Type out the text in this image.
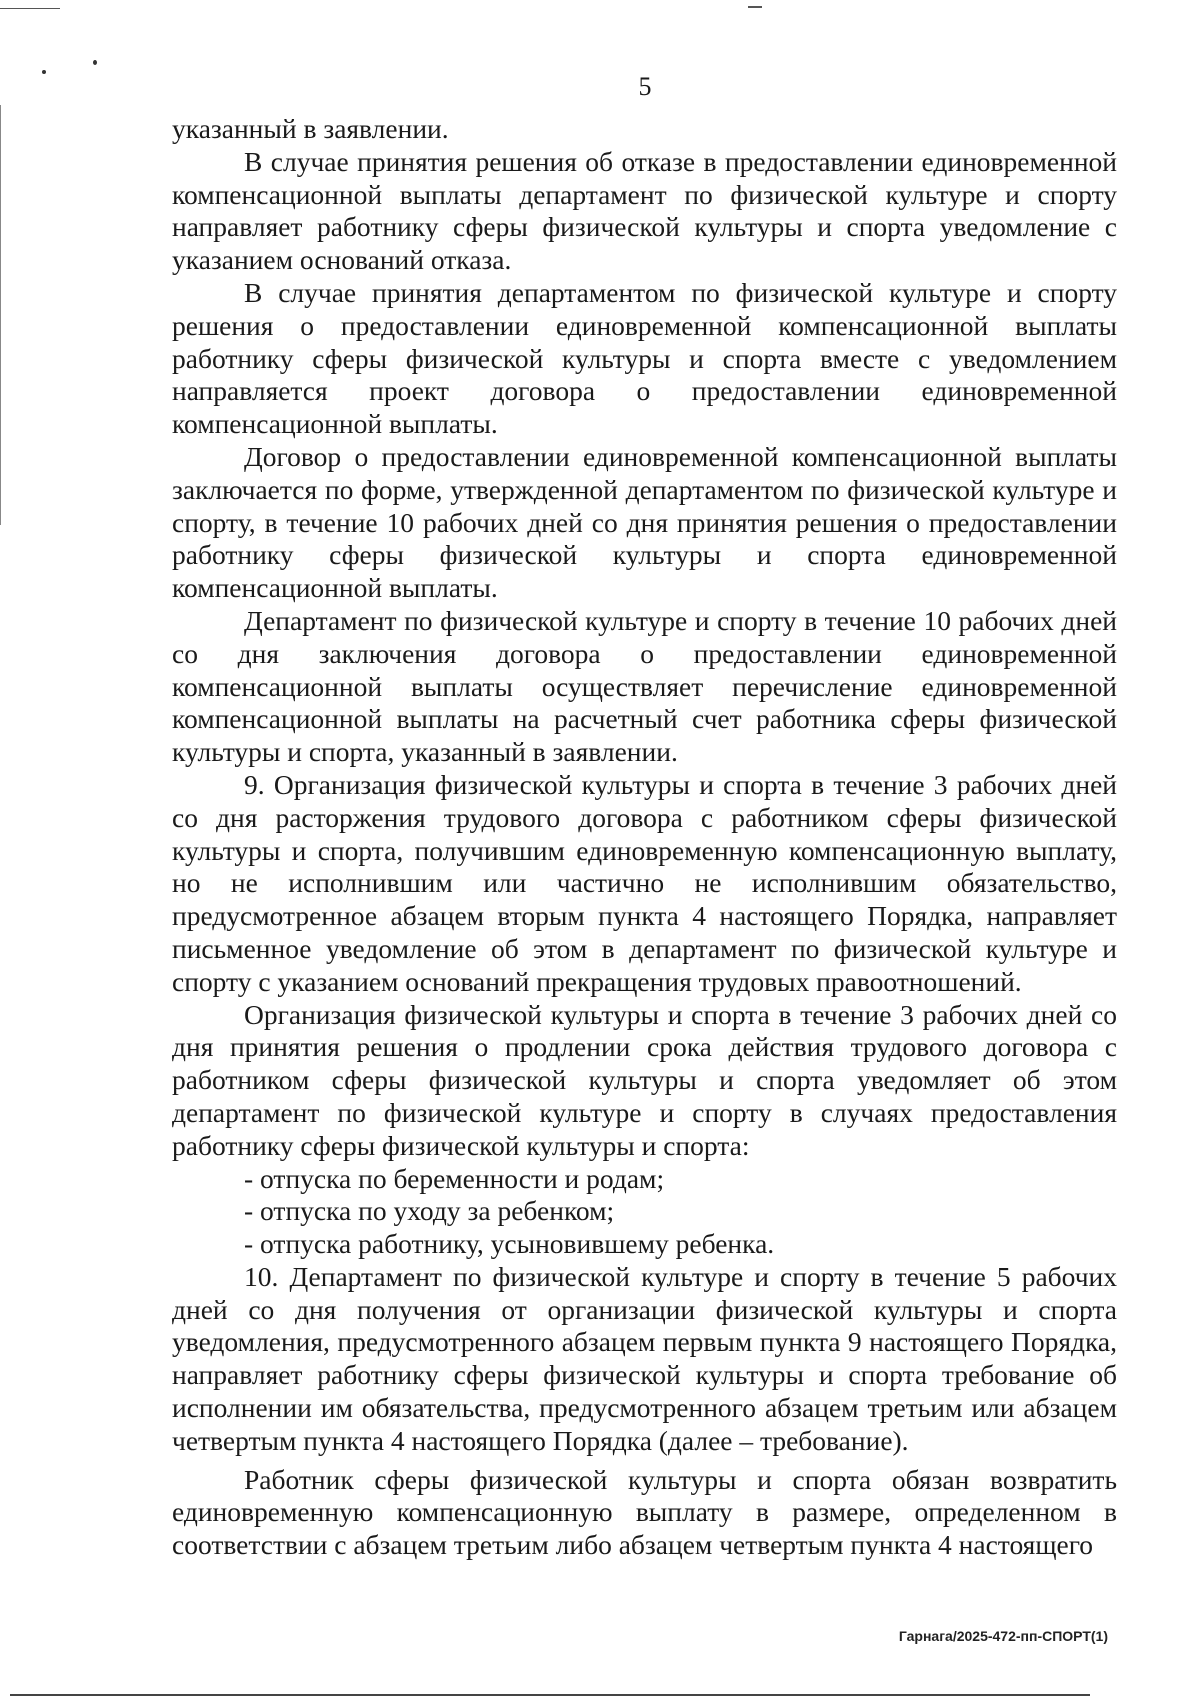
5

указанный в заявлении.

В случае принятия решения об отказе в предоставлении единовременной компенсационной выплаты департамент по физической культуре и спорту направляет работнику сферы физической культуры и спорта уведомление с указанием оснований отказа.

В случае принятия департаментом по физической культуре и спорту решения о предоставлении единовременной компенсационной выплаты работнику сферы физической культуры и спорта вместе с уведомлением направляется проект договора о предоставлении единовременной компенсационной выплаты.

Договор о предоставлении единовременной компенсационной выплаты заключается по форме, утвержденной департаментом по физической культуре и спорту, в течение 10 рабочих дней со дня принятия решения о предоставлении работнику сферы физической культуры и спорта единовременной компенсационной выплаты.

Департамент по физической культуре и спорту в течение 10 рабочих дней со дня заключения договора о предоставлении единовременной компенсационной выплаты осуществляет перечисление единовременной компенсационной выплаты на расчетный счет работника сферы физической культуры и спорта, указанный в заявлении.

9. Организация физической культуры и спорта в течение 3 рабочих дней со дня расторжения трудового договора с работником сферы физической культуры и спорта, получившим единовременную компенсационную выплату, но не исполнившим или частично не исполнившим обязательство, предусмотренное абзацем вторым пункта 4 настоящего Порядка, направляет письменное уведомление об этом в департамент по физической культуре и спорту с указанием оснований прекращения трудовых правоотношений.

Организация физической культуры и спорта в течение 3 рабочих дней со дня принятия решения о продлении срока действия трудового договора с работником сферы физической культуры и спорта уведомляет об этом департамент по физической культуре и спорту в случаях предоставления работнику сферы физической культуры и спорта:

- отпуска по беременности и родам;

- отпуска по уходу за ребенком;

- отпуска работнику, усыновившему ребенка.

10. Департамент по физической культуре и спорту в течение 5 рабочих дней со дня получения от организации физической культуры и спорта уведомления, предусмотренного абзацем первым пункта 9 настоящего Порядка, направляет работнику сферы физической культуры и спорта требование об исполнении им обязательства, предусмотренного абзацем третьим или абзацем четвертым пункта 4 настоящего Порядка (далее – требование).

Работник сферы физической культуры и спорта обязан возвратить единовременную компенсационную выплату в размере, определенном в соответствии с абзацем третьим либо абзацем четвертым пункта 4 настоящего

Гарнага/2025-472-пп-СПОРТ(1)
